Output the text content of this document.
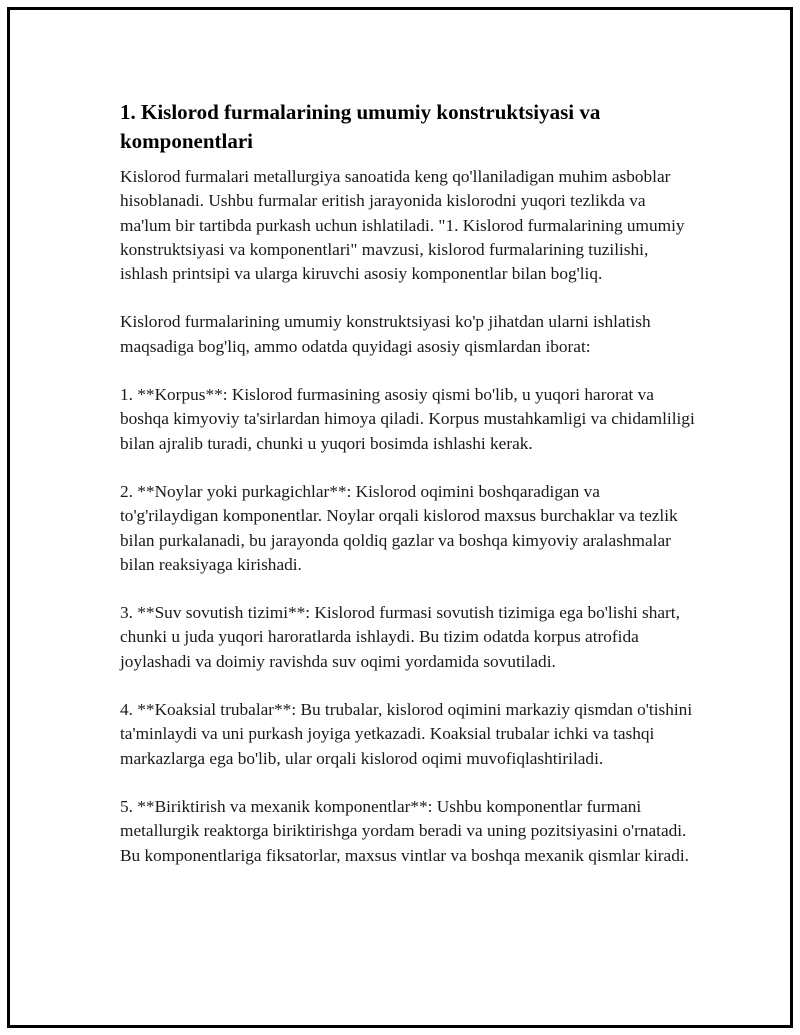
1. Kislorod furmalarining umumiy konstruktsiyasi va komponentlari

Kislorod furmalari metallurgiya sanoatida keng qo'llaniladigan muhim asboblar hisoblanadi. Ushbu furmalar eritish jarayonida kislorodni yuqori tezlikda va ma'lum bir tartibda purkash uchun ishlatiladi. "1. Kislorod furmalarining umumiy konstruktsiyasi va komponentlari" mavzusi, kislorod furmalarining tuzilishi, ishlash printsipi va ularga kiruvchi asosiy komponentlar bilan bog'liq.

Kislorod furmalarining umumiy konstruktsiyasi ko'p jihatdan ularni ishlatish maqsadiga bog'liq, ammo odatda quyidagi asosiy qismlardan iborat:

1. **Korpus**: Kislorod furmasining asosiy qismi bo'lib, u yuqori harorat va boshqa kimyoviy ta'sirlardan himoya qiladi. Korpus mustahkamligi va chidamliligi bilan ajralib turadi, chunki u yuqori bosimda ishlashi kerak.

2. **Noylar yoki purkagichlar**: Kislorod oqimini boshqaradigan va to'g'rilaydigan komponentlar. Noylar orqali kislorod maxsus burchaklar va tezlik bilan purkalanadi, bu jarayonda qoldiq gazlar va boshqa kimyoviy aralashmalar bilan reaksiyaga kirishadi.

3. **Suv sovutish tizimi**: Kislorod furmasi sovutish tizimiga ega bo'lishi shart, chunki u juda yuqori haroratlarda ishlaydi. Bu tizim odatda korpus atrofida joylashadi va doimiy ravishda suv oqimi yordamida sovutiladi.

4. **Koaksial trubalar**: Bu trubalar, kislorod oqimini markaziy qismdan o'tishini ta'minlaydi va uni purkash joyiga yetkazadi. Koaksial trubalar ichki va tashqi markazlarga ega bo'lib, ular orqali kislorod oqimi muvofiqlashtiriladi.

5. **Biriktirish va mexanik komponentlar**: Ushbu komponentlar furmani metallurgik reaktorga biriktirishga yordam beradi va uning pozitsiyasini o'rnatadi. Bu komponentlariga fiksatorlar, maxsus vintlar va boshqa mexanik qismlar kiradi.
